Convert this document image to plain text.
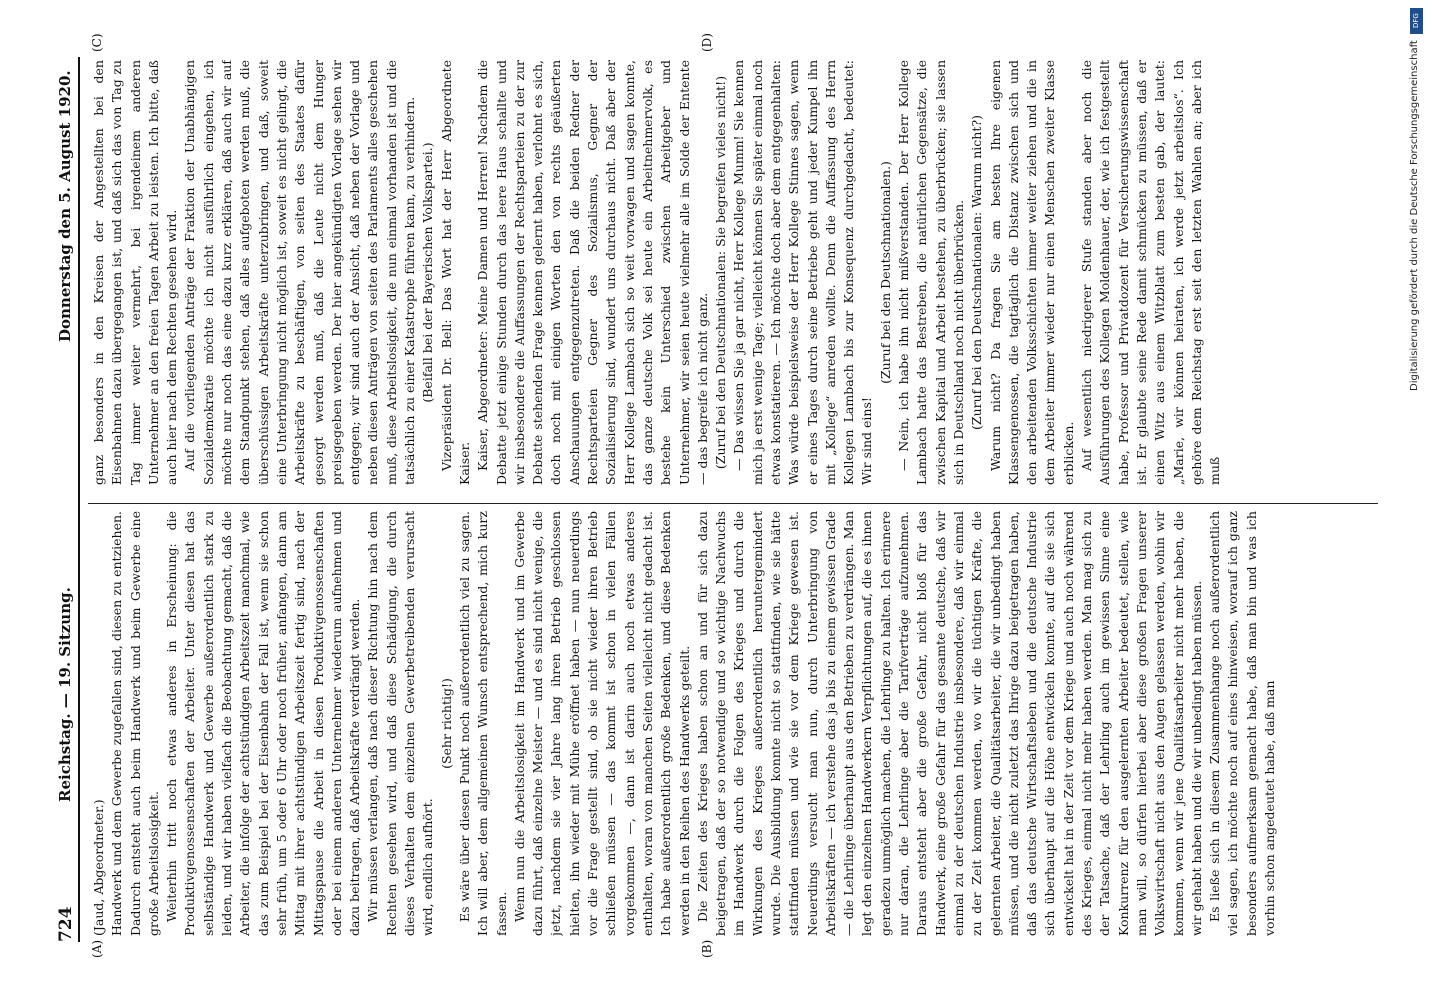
724
Reichstag. — 19. Sitzung.
Donnerstag den 5. August 1920.
(A)	(B)
(C)	(D)

(Jaud, Abgeordneter.) Handwerk und dem Gewerbe zugefallen sind, diesen zu entziehen. Dadurch entsteht auch beim Handwerk und beim Gewerbe eine große Arbeitslosigkeit. Weiterhin tritt noch etwas anderes in Erscheinung: die Produktivgenossenschaften der Arbeiter. Unter diesen hat das selbständige Handwerk und Gewerbe außerordentlich stark zu leiden, und wir haben vielfach die Beobachtung gemacht, daß die Arbeiter, die infolge der achtstündigen Arbeitszeit manchmal, wie das zum Beispiel bei der Eisenbahn der Fall ist, wenn sie schon sehr früh, um 5 oder 6 Uhr oder noch früher, anfangen, dann am Mittag mit ihrer achtstündigen Arbeitszeit fertig sind, nach der Mittagspause die Arbeit in diesen Produktivgenossenschaften oder bei einem anderen Unternehmer wiederum aufnehmen und dazu beitragen, daß Arbeitskräfte verdrängt werden. Wir müssen verlangen, daß nach dieser Richtung hin nach dem Rechten gesehen wird, und daß diese Schädigung, die durch dieses Verhalten dem einzelnen Gewerbetreibenden verursacht wird, endlich aufhört.

(Sehr richtig!) Es wäre über diesen Punkt noch außerordentlich viel zu sagen. Ich will aber, dem allgemeinen Wunsch entsprechend, mich kurz fassen. Wenn nun die Arbeitslosigkeit im Handwerk und im Gewerbe dazu führt, daß einzelne Meister — und es sind nicht wenige, die jetzt, nachdem sie vier Jahre lang ihren Betrieb geschlossen hielten, ihn wieder mit Mühe eröffnet haben — nun neuerdings vor die Frage gestellt sind, ob sie nicht wieder ihren Betrieb schließen müssen — das kommt ist schon in vielen Fällen vorgekommen —, dann ist darin auch noch etwas anderes enthalten, woran von manchen Seiten vielleicht nicht gedacht ist. Ich habe außerordentlich große Bedenken, und diese Bedenken werden in den Reihen des Handwerks geteilt. Die Zeiten des Krieges haben schon an und für sich dazu beigetragen, daß der so notwendige und so wichtige Nachwuchs im Handwerk durch die Folgen des Krieges und durch die Wirkungen des Krieges außerordentlich heruntergemindert wurde. Die Ausbildung konnte nicht so stattfinden, wie sie hätte stattfinden müssen und wie sie vor dem Kriege gewesen ist. Neuerdings versucht man nun, durch Unterbringung von Arbeitskräften — ich verstehe das ja bis zu einem gewissen Grade — die Lehrlinge überhaupt aus den Betrieben zu verdrängen. Man legt den einzelnen Handwerkern Verpflichtungen auf, die es ihnen geradezu unmöglich machen, die Lehrlinge zu halten. Ich erinnere nur daran, die Lehrlinge aber die Tarifverträge aufzunehmen. Daraus entsteht aber die große Gefahr, nicht bloß für das Handwerk, eine große Gefahr für das gesamte deutsche, daß wir einmal zu der deutschen Industrie insbesondere, daß wir einmal zu der Zeit kommen werden, wo wir die tüchtigen Kräfte, die gelernten Arbeiter, die Qualitätsarbeiter, die wir unbedingt haben müssen, und die nicht zuletzt das Ihrige dazu beigetragen haben, daß das deutsche Wirtschaftsleben und die deutsche Industrie sich überhaupt auf die Höhe entwickeln konnte, auf die sie sich entwickelt hat in der Zeit vor dem Kriege und auch noch während des Krieges, einmal nicht mehr haben werden. Man mag sich zu der Tatsache, daß der Lehrling auch im gewissen Sinne eine Konkurrenz für den ausgelernten Arbeiter bedeutet, stellen, wie man will, so dürfen hierbei aber diese großen Fragen unserer Volkswirtschaft nicht aus den Augen gelassen werden, wohin wir kommen, wenn wir jene Qualitätsarbeiter nicht mehr haben, die wir gehabt haben und die wir unbedingt haben müssen. Es ließe sich in diesem Zusammenhange noch außerordentlich viel sagen, ich möchte noch auf eines hinweisen, worauf ich ganz besonders aufmerksam gemacht habe, daß man bin und was ich vorhin schon angedeutet habe, daß man

ganz besonders in den Kreisen der Angestellten bei den Eisenbahnen dazu übergegangen ist, und daß sich das von Tag zu Tag immer weiter vermehrt, bei irgendeinem anderen Unternehmer an den freien Tagen Arbeit zu leisten. Ich bitte, daß auch hier nach dem Rechten gesehen wird. Auf die vorliegenden Anträge der Fraktion der Unabhängigen Sozialdemokratie möchte ich nicht ausführlich eingehen, ich möchte nur noch das eine dazu kurz erklären, daß auch wir auf dem Standpunkt stehen, daß alles aufgeboten werden muß, die überschüssigen Arbeitskräfte unterzubringen, und daß, soweit eine Unterbringung nicht möglich ist, soweit es nicht gelingt, die Arbeitskräfte zu beschäftigen, von seiten des Staates dafür gesorgt werden muß, daß die Leute nicht dem Hunger preisgegeben werden. Der hier angekündigten Vorlage sehen wir entgegen; wir sind auch der Ansicht, daß neben der Vorlage und neben diesen Anträgen von seiten des Parlaments alles geschehen muß, diese Arbeitslosigkeit, die nun einmal vorhanden ist und die tatsächlich zu einer Katastrophe führen kann, zu verhindern. (Beifall bei der Bayerischen Volkspartei.) Vizepräsident Dr. Bell: Das Wort hat der Herr Abgeordnete Kaiser. Kaiser, Abgeordneter: Meine Damen und Herren! Nachdem die Debatte jetzt einige Stunden durch das leere Haus schallte und wir insbesondere die Auffassungen der Rechtsparteien zu der zur Debatte stehenden Frage kennen gelernt haben, verlohnt es sich, doch noch mit einigen Worten den von rechts geäußerten Anschauungen entgegenzutreten. Daß die beiden Redner der Rechtsparteien Gegner des Sozialismus, Gegner der Sozialisierung sind, wundert uns durchaus nicht. Daß aber der Herr Kollege Lambach sich so weit vorwagen und sagen konnte, das ganze deutsche Volk sei heute ein Arbeitnehmervolk, es bestehe kein Unterschied zwischen Arbeitgeber und Unternehmer, wir seien heute vielmehr alle im Solde der Entente — das begreife ich nicht ganz. (Zuruf bei den Deutschnationalen: Sie begreifen vieles nicht!) — Das wissen Sie ja gar nicht, Herr Kollege Mumm! Sie kennen mich ja erst wenige Tage; vielleicht können Sie später einmal noch etwas konstatieren. — Ich möchte doch aber dem entgegenhalten: Was würde beispielsweise der Herr Kollege Stinnes sagen, wenn er eines Tages durch seine Betriebe geht und jeder Kumpel ihn mit „Kollege“ anreden wollte. Denn die Auffassung des Herrn Kollegen Lambach bis zur Konsequenz durchgedacht, bedeutet: Wir sind eins!

(Zuruf bei den Deutschnationalen.) — Nein, ich habe ihn nicht mißverstanden. Der Herr Kollege Lambach hatte das Bestreben, die natürlichen Gegensätze, die zwischen Kapital und Arbeit bestehen, zu überbrücken; sie lassen sich in Deutschland noch nicht überbrücken. (Zuruf bei den Deutschnationalen: Warum nicht?) Warum nicht? Da fragen Sie am besten Ihre eigenen Klassengenossen, die tagtäglich die Distanz zwischen sich und den arbeitenden Volksschichten immer weiter ziehen und die in dem Arbeiter immer wieder nur einen Menschen zweiter Klasse erblicken. Auf wesentlich niedrigerer Stufe standen aber noch die Ausführungen des Kollegen Moldenhauer, der, wie ich festgestellt habe, Professor und Privatdozent für Versicherungswissenschaft ist. Er glaubte seine Rede damit schmücken zu müssen, daß er einen Witz aus einem Witzblatt zum besten gab, der lautet: „Marie, wir können heiraten, ich werde jetzt arbeitslos“. Ich gehöre dem Reichstag erst seit den letzten Wahlen an; aber ich muß

DFG
Digitalisierung gefördert durch die Deutsche Forschungsgemeinschaft
